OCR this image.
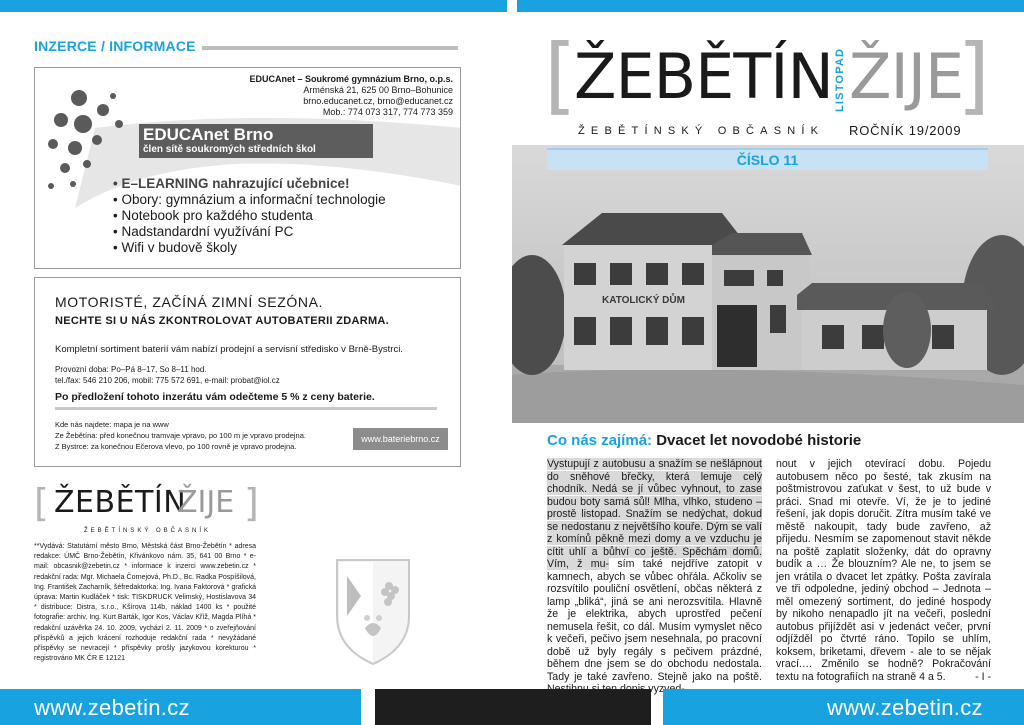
INZERCE / INFORMACE
EDUCAnet – Soukromé gymnázium Brno, o.p.s.
Arménská 21, 625 00 Brno–Bohunice
brno.educanet.cz, brno@educanet.cz
Mob.: 774 073 317, 774 773 359
EDUCAnet Brno
člen sítě soukromých středních škol
• E–LEARNING nahrazující učebnice!
• Obory: gymnázium a informační technologie
• Notebook pro každého studenta
• Nadstandardní využívání PC
• Wifi v budově školy
MOTORISTÉ, ZAČÍNÁ ZIMNÍ SEZÓNA.
NECHTE SI U NÁS ZKONTROLOVAT AUTOBATERII ZDARMA.
Kompletní sortiment baterií vám nabízí prodejní a servisní středisko v Brně-Bystrci.
Provozní doba: Po–Pá 8–17, So 8–11 hod.
tel./fax: 546 210 206, mobil: 775 572 691, e-mail: probat@iol.cz
Po předložení tohoto inzerátu vám odečteme 5 % z ceny baterie.
Kde nás najdete: mapa je na www
Ze Žebětína: před konečnou tramvaje vpravo, po 100 m je vpravo prodejna.
Z Bystrce: za konečnou Ečerova vlevo, po 100 rovně je vpravo prodejna.
www.bateriebrno.cz
[ ŽEBĚTÍN
ŽIJE ]
ŽEBĚTÍNSKÝ OBČASNÍK
**Vydává: Statutární město Brno, Městská část Brno-Žebětín * adresa redakce: ÚMČ Brno-Žebětín, Křivánkovo nám. 35, 641 00 Brno * e-mail: obcasnik@zebetin.cz * informace k inzerci www.zebetin.cz * redakční rada: Mgr. Michaela Čornejová, Ph.D., Bc. Radka Pospíšilová, Ing. František Zacharník, šéfredaktorka: Ing. Ivana Faktorová * grafická úprava: Martin Kudláček * tisk: TISKDRUCK Velimský, Hostislavova 34 * distribuce: Distra, s.r.o., Kšírova 114b, náklad 1400 ks * použité fotografie: archiv, Ing. Kurt Barták, Igor Kos, Václav Kříž, Magda Plíhá * redakční uzávěrka 24. 10. 2009, vychází 2. 11. 2009 * o zveřejňování příspěvků a jejich krácení rozhoduje redakční rada * nevyžádané příspěvky se nevracejí * příspěvky prošly jazykovou korekturou * registrováno MK ČR E 12121
[
ŽEBĚTÍN LISTOPAD ŽIJE
]
ŽEBĚTÍNSKÝ OBČASNÍK ROČNÍK 19/2009
KATOLICKÝ DŮM
ČÍSLO 11
Co nás zajímá: Dvacet let novodobé historie
Vystupují z autobusu a snažím se nešlápnout do sněhové břečky, která lemuje celý chodník. Nedá se jí vůbec vyhnout, to zase budou boty samá sůl! Mlha, vlhko, studeno – prostě listopad. Snažím se nedýchat, dokud se nedostanu z největšího kouře. Dým se valí z komínů pěkně mezi domy a ve vzduchu je cítit uhlí a bůhví co ještě. Spěchám domů. Vím, ž mu- sím také nejdříve zatopit v kamnech, abych se vůbec ohřála. Ačkoliv se rozsvítilo pouliční osvětlení, občas některá z lamp „bliká“, jiná se ani nerozsvítila. Hlavně že je elektrika, abych uprostřed pečení nemusela řešit, co dál. Musím vymyslet něco k večeři, pečivo jsem nesehnala, po pracovní době už byly regály s pečivem prázdné, během dne jsem se do obchodu nedostala. Tady je také zavřeno. Stejně jako na poště.
nout v jejich otevírací dobu. Pojedu autobusem něco po šesté, tak zkusím na poštmistrovou zaťukat v šest, to už bude v práci. Snad mi otevře. Ví, že je to jediné řešení, jak dopis doručit. Zítra musím také ve městě nakoupit, tady bude zavřeno, až přijedu. Nesmím se zapomenout stavit někde na poště zaplatit složenky, dát do opravny budík a … Že blouzním? Ale ne, to jsem se jen vrátila o dvacet let zpátky. Pošta zavírala ve tři odpoledne, jediný obchod – Jednota – měl omezený sortiment, do jediné hospody by nikoho nenapadlo jít na večeři, poslední autobus přijíždět asi v jedenáct večer, první odjížděl po čtvrté ráno. Topilo se uhlím, koksem, briketami, dřevem - ale to se nějak vrací.… Změnilo se hodně? Pokračování textu na fotografiích na straně 4 a 5.	- I -
www.zebetin.cz	www.zebetin.cz
